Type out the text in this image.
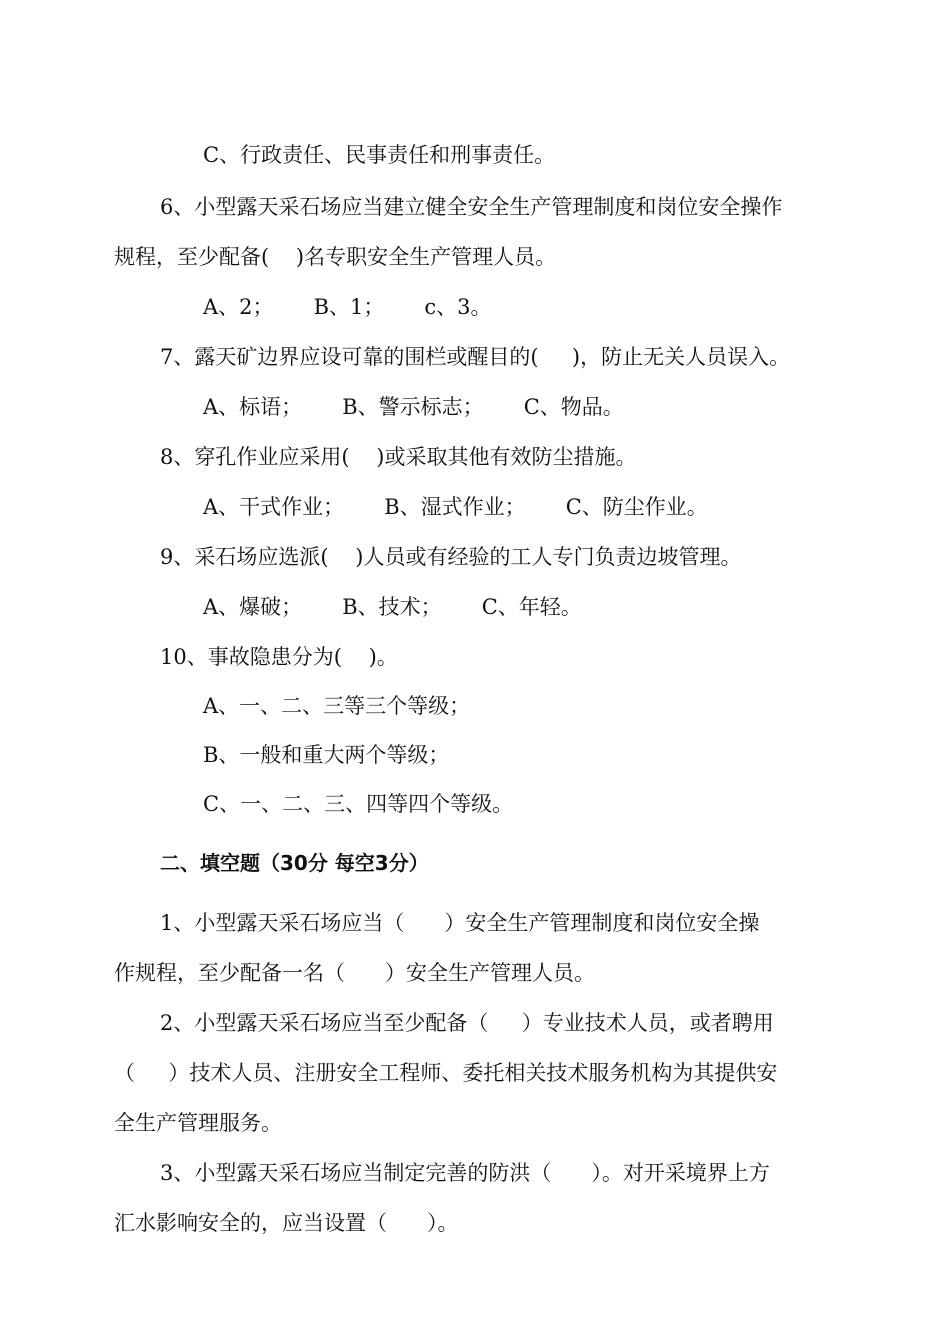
C、行政责任、民事责任和刑事责任。
6、小型露天采石场应当建立健全安全生产管理制度和岗位安全操作
规程，至少配备(    )名专职安全生产管理人员。
A、2；      B、1；      c、3。
7、露天矿边界应设可靠的围栏或醒目的(     )，防止无关人员误入。
A、标语；      B、警示标志；      C、物品。
8、穿孔作业应采用(    )或采取其他有效防尘措施。
A、干式作业；      B、湿式作业；      C、防尘作业。
9、采石场应选派(    )人员或有经验的工人专门负责边坡管理。
A、爆破；      B、技术；      C、年轻。
10、事故隐患分为(    )。
A、一、二、三等三个等级；
B、一般和重大两个等级；
C、一、二、三、四等四个等级。
二、填空题（30分 每空3分）
1、小型露天采石场应当（      ）安全生产管理制度和岗位安全操
作规程，至少配备一名（      ）安全生产管理人员。
2、小型露天采石场应当至少配备（     ）专业技术人员，或者聘用
（     ）技术人员、注册安全工程师、委托相关技术服务机构为其提供安
全生产管理服务。
3、小型露天采石场应当制定完善的防洪（      ）。对开采境界上方
汇水影响安全的，应当设置（      ）。
